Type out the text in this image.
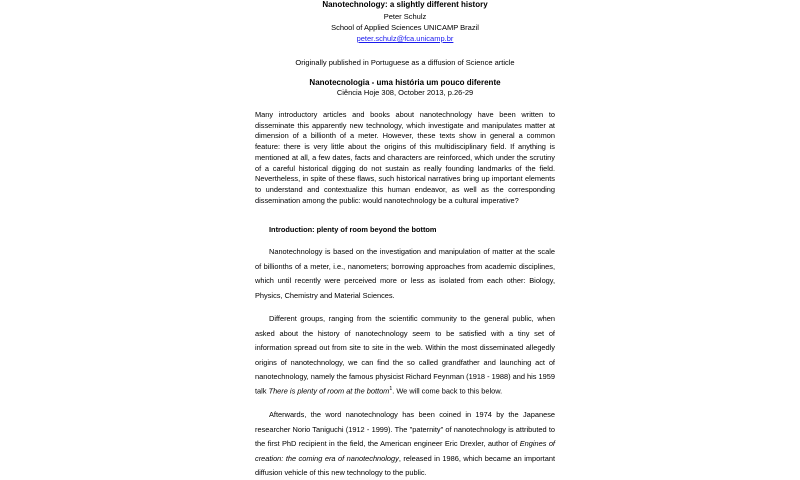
Nanotechnology: a slightly different history
Peter Schulz
School of Applied Sciences UNICAMP Brazil
peter.schulz@fca.unicamp.br
Originally published in Portuguese as a diffusion of Science article
Nanotecnologia - uma história um pouco diferente
Ciência Hoje 308, October 2013, p.26-29
Many introductory articles and books about nanotechnology have been written to disseminate this apparently new technology, which investigate and manipulates matter at dimension of a billionth of a meter. However, these texts show in general a common feature: there is very little about the origins of this multidisciplinary field. If anything is mentioned at all, a few dates, facts and characters are reinforced, which under the scrutiny of a careful historical digging do not sustain as really founding landmarks of the field. Nevertheless, in spite of these flaws, such historical narratives bring up important elements to understand and contextualize this human endeavor, as well as the corresponding dissemination among the public: would nanotechnology be a cultural imperative?
Introduction: plenty of room beyond the bottom
Nanotechnology is based on the investigation and manipulation of matter at the scale of billionths of a meter, i.e., nanometers; borrowing approaches from academic disciplines, which until recently were perceived more or less as isolated from each other: Biology, Physics, Chemistry and Material Sciences.
Different groups, ranging from the scientific community to the general public, when asked about the history of nanotechnology seem to be satisfied with a tiny set of information spread out from site to site in the web. Within the most disseminated allegedly origins of nanotechnology, we can find the so called grandfather and launching act of nanotechnology, namely the famous physicist Richard Feynman (1918 - 1988) and his 1959 talk There is plenty of room at the bottom$^1$. We will come back to this below.
Afterwards, the word nanotechnology has been coined in 1974 by the Japanese researcher Norio Taniguchi (1912 - 1999). The "paternity" of nanotechnology is attributed to the first PhD recipient in the field, the American engineer Eric Drexler, author of Engines of creation: the coming era of nanotechnology, released in 1986, which became an important diffusion vehicle of this new technology to the public.
